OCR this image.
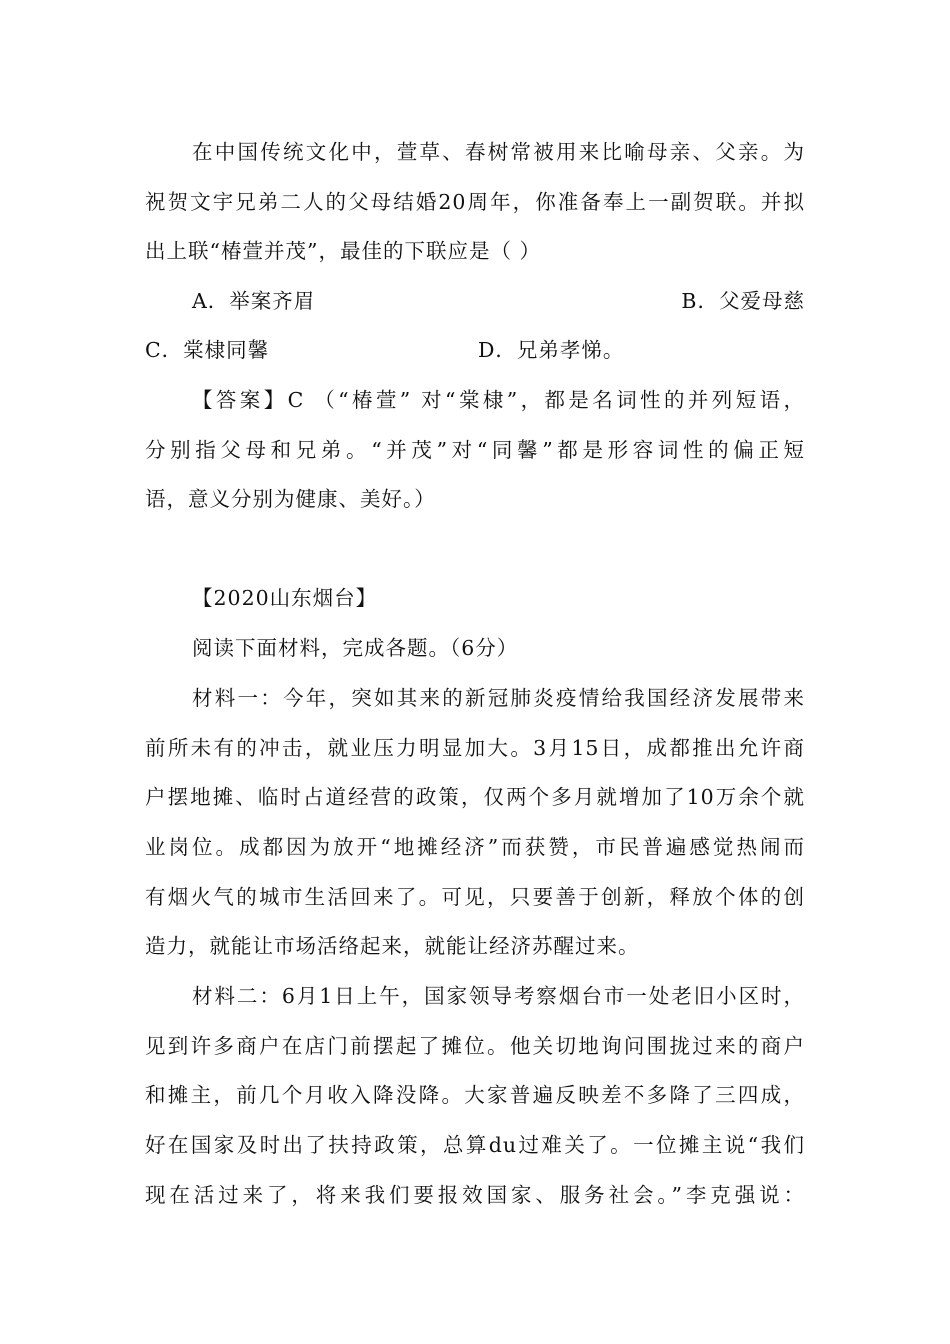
在中国传统文化中，萱草、春树常被用来比喻母亲、父亲。为
祝贺文宇兄弟二人的父母结婚20周年，你准备奉上一副贺联。并拟
出上联“椿萱并茂”，最佳的下联应是（ ）
A．举案齐眉	B．父爱母慈
C．棠棣同馨	D．兄弟孝悌。
【答案】C （“椿萱” 对“棠棣”，都是名词性的并列短语，
分别指父母和兄弟。“并茂”对“同馨”都是形容词性的偏正短
语，意义分别为健康、美好。）
【2020山东烟台】
阅读下面材料，完成各题。（6分）
材料一：今年，突如其来的新冠肺炎疫情给我国经济发展带来
前所未有的冲击，就业压力明显加大。3月15日，成都推出允许商
户摆地摊、临时占道经营的政策，仅两个多月就增加了10万余个就
业岗位。成都因为放开“地摊经济”而获赞，市民普遍感觉热闹而
有烟火气的城市生活回来了。可见，只要善于创新，释放个体的创
造力，就能让市场活络起来，就能让经济苏醒过来。
材料二：6月1日上午，国家领导考察烟台市一处老旧小区时，
见到许多商户在店门前摆起了摊位。他关切地询问围拢过来的商户
和摊主，前几个月收入降没降。大家普遍反映差不多降了三四成，
好在国家及时出了扶持政策，总算du过难关了。一位摊主说“我们
现在活过来了，将来我们要报效国家、服务社会。”李克强说：
